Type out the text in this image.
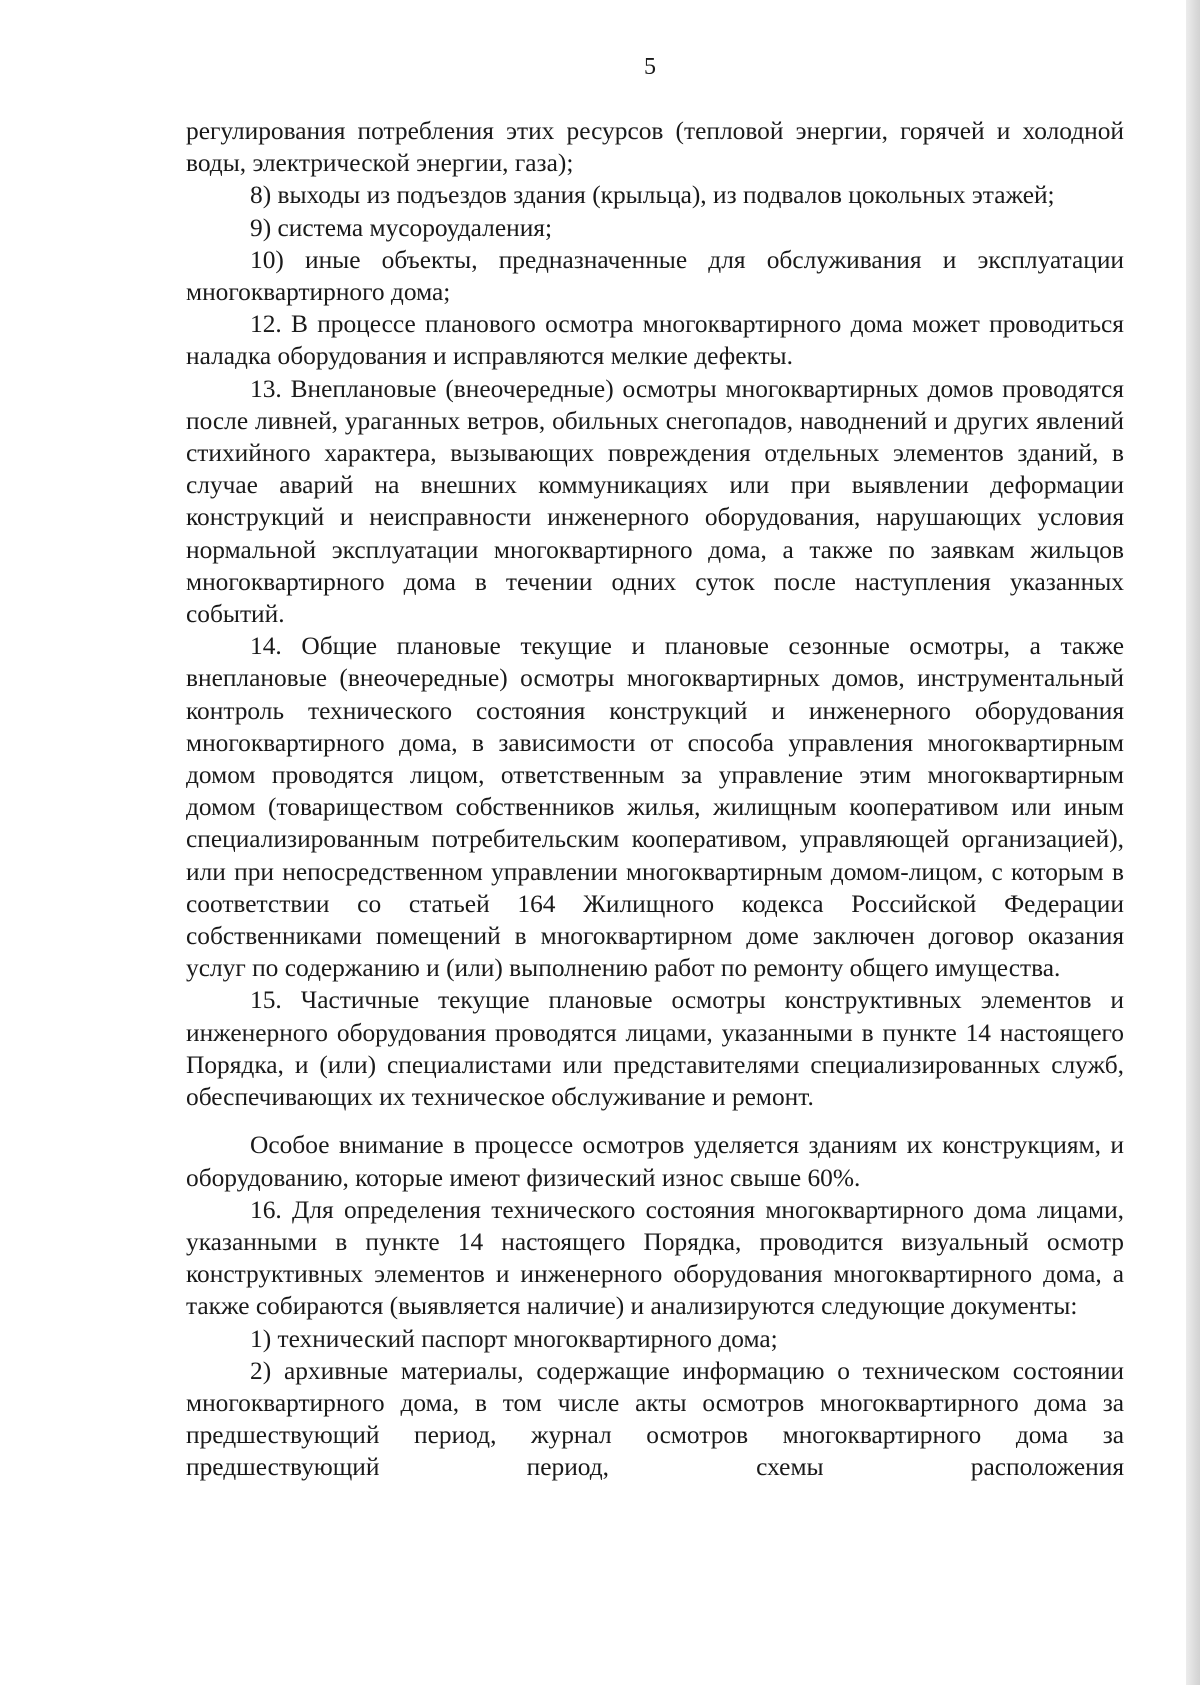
5

регулирования потребления этих ресурсов (тепловой энергии, горячей и холодной воды, электрической энергии, газа);

8) выходы из подъездов здания (крыльца), из подвалов цокольных этажей;

9) система мусороудаления;

10) иные объекты, предназначенные для обслуживания и эксплуатации многоквартирного дома;

12. В процессе планового осмотра многоквартирного дома может проводиться наладка оборудования и исправляются мелкие дефекты.

13. Внеплановые (внеочередные) осмотры многоквартирных домов проводятся после ливней, ураганных ветров, обильных снегопадов, наводнений и других явлений стихийного характера, вызывающих повреждения отдельных элементов зданий, в случае аварий на внешних коммуникациях или при выявлении деформации конструкций и неисправности инженерного оборудования, нарушающих условия нормальной эксплуатации многоквартирного дома, а также по заявкам жильцов многоквартирного дома в течении одних суток после наступления указанных событий.

14. Общие плановые текущие и плановые сезонные осмотры, а также внеплановые (внеочередные) осмотры многоквартирных домов, инструментальный контроль технического состояния конструкций и инженерного оборудования многоквартирного дома, в зависимости от способа управления многоквартирным домом проводятся лицом, ответственным за управление этим многоквартирным домом (товариществом собственников жилья, жилищным кооперативом или иным специализированным потребительским кооперативом, управляющей организацией), или при непосредственном управлении многоквартирным домом-лицом, с которым в соответствии со статьей 164 Жилищного кодекса Российской Федерации собственниками помещений в многоквартирном доме заключен договор оказания услуг по содержанию и (или) выполнению работ по ремонту общего имущества.

15. Частичные текущие плановые осмотры конструктивных элементов и инженерного оборудования проводятся лицами, указанными в пункте 14 настоящего Порядка, и (или) специалистами или представителями специализированных служб, обеспечивающих их техническое обслуживание и ремонт.

Особое внимание в процессе осмотров уделяется зданиям их конструкциям, и оборудованию, которые имеют физический износ свыше 60%.

16. Для определения технического состояния многоквартирного дома лицами, указанными в пункте 14 настоящего Порядка, проводится визуальный осмотр конструктивных элементов и инженерного оборудования многоквартирного дома, а также собираются (выявляется наличие) и анализируются следующие документы:

1) технический паспорт многоквартирного дома;

2) архивные материалы, содержащие информацию о техническом состоянии многоквартирного дома, в том числе акты осмотров многоквартирного дома за предшествующий период, журнал осмотров многоквартирного дома за предшествующий период, схемы расположения
